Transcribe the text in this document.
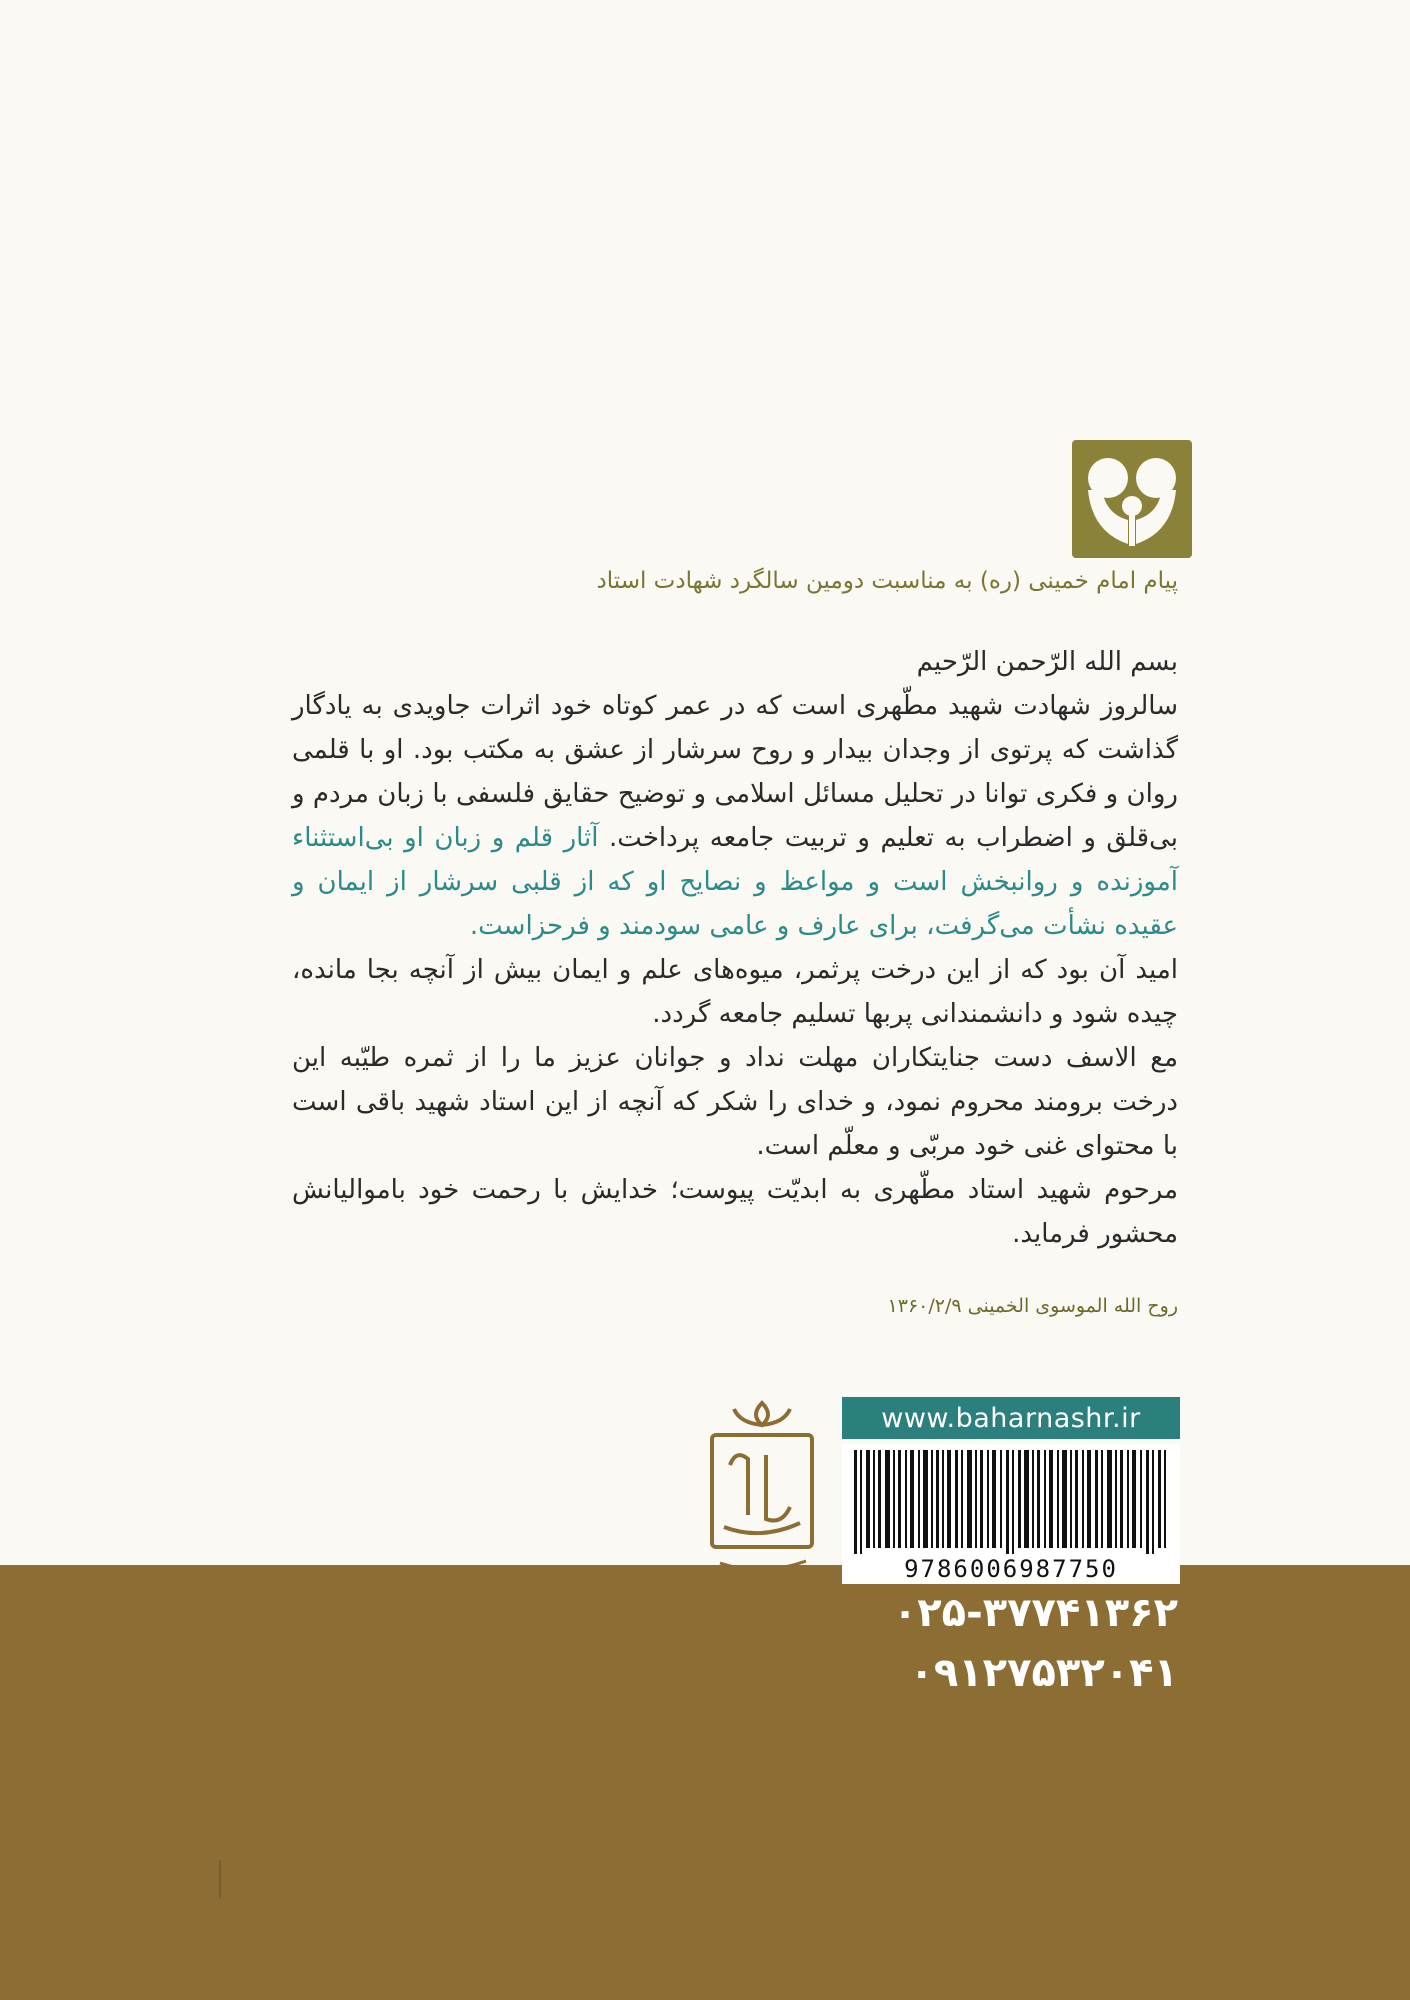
پیام امام خمینی (ره) به مناسبت دومین سالگرد شهادت استاد

بسم الله الرّحمن الرّحیم

سالروز شهادت شهید مطّهری است که در عمر کوتاه خود اثرات جاویدی به یادگار گذاشت که پرتوی از وجدان بیدار و روح سرشار از عشق به مکتب بود. او با قلمی روان و فکری توانا در تحلیل مسائل اسلامی و توضیح حقایق فلسفی با زبان مردم و بی‌قلق و اضطراب به تعلیم و تربیت جامعه پرداخت. آثار قلم و زبان او بی‌استثناء آموزنده و روانبخش است و مواعظ و نصایح او که از قلبی سرشار از ایمان و عقیده نشأت می‌گرفت، برای عارف و عامی سودمند و فرحزاست.

امید آن بود که از این درخت پرثمر، میوه‌های علم و ایمان بیش از آنچه بجا مانده، چیده شود و دانشمندانی پربها تسلیم جامعه گردد.

مع الاسف دست جنایتکاران مهلت نداد و جوانان عزیز ما را از ثمره طیّبه این درخت برومند محروم نمود، و خدای را شکر که آنچه از این استاد شهید باقی است با محتوای غنی خود مربّی و معلّم است.

مرحوم شهید استاد مطّهری به ابدیّت پیوست؛ خدایش با رحمت خود باموالیانش محشور فرماید.

روح الله الموسوی الخمینی ۱۳۶۰/۲/۹
www.baharnashr.ir
9786006987750
۰۲۵-۳۷۷۴۱۳۶۲
۰۹۱۲۷۵۳۲۰۴۱
